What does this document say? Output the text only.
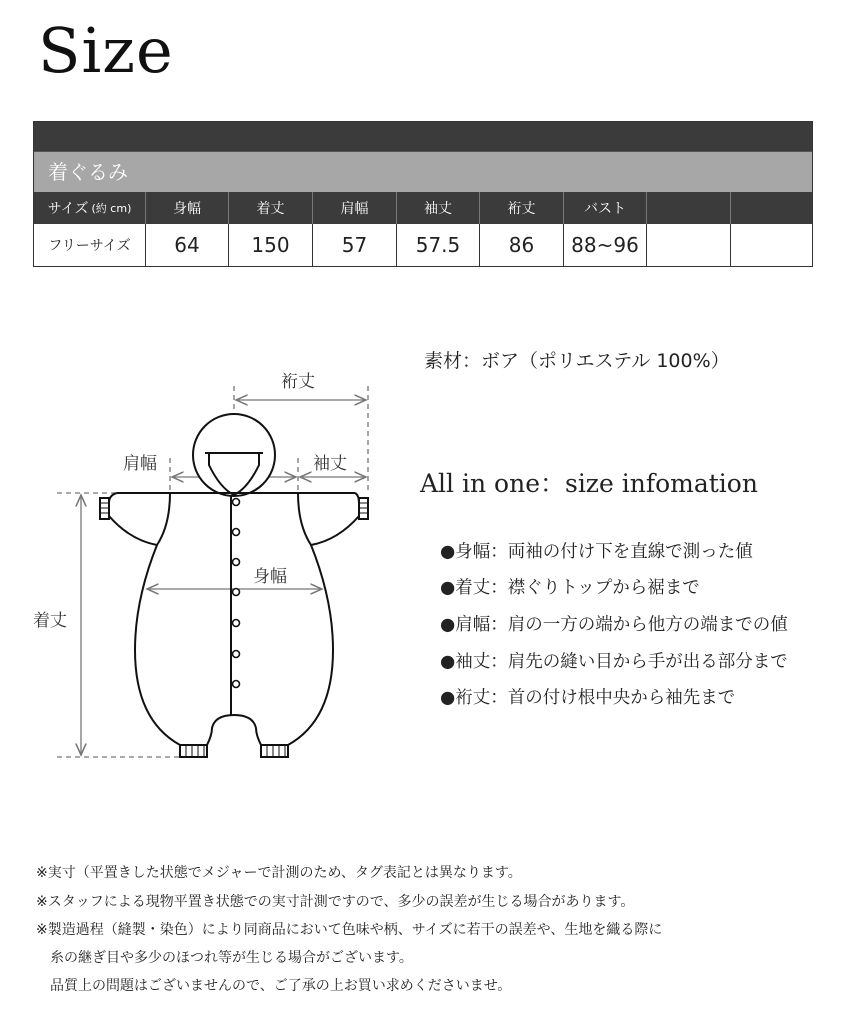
Size
着ぐるみ
サイズ (約 cm)	身幅	着丈	肩幅	袖丈	裄丈	バスト
フリーサイズ	64	150	57	57.5	86	88~96
裄丈
肩幅	袖丈
身幅
着丈
素材：ボア（ポリエステル 100%）
All in one：size infomation
●身幅：両袖の付け下を直線で測った値
●着丈：襟ぐりトップから裾まで
●肩幅：肩の一方の端から他方の端までの値
●袖丈：肩先の縫い目から手が出る部分まで
●裄丈：首の付け根中央から袖先まで
※実寸（平置きした状態でメジャーで計測のため、タグ表記とは異なります。
※スタッフによる現物平置き状態での実寸計測ですので、多少の誤差が生じる場合があります。
※製造過程（縫製・染色）により同商品において色味や柄、サイズに若干の誤差や、生地を織る際に
　糸の継ぎ目や多少のほつれ等が生じる場合がございます。
　品質上の問題はございませんので、ご了承の上お買い求めくださいませ。
